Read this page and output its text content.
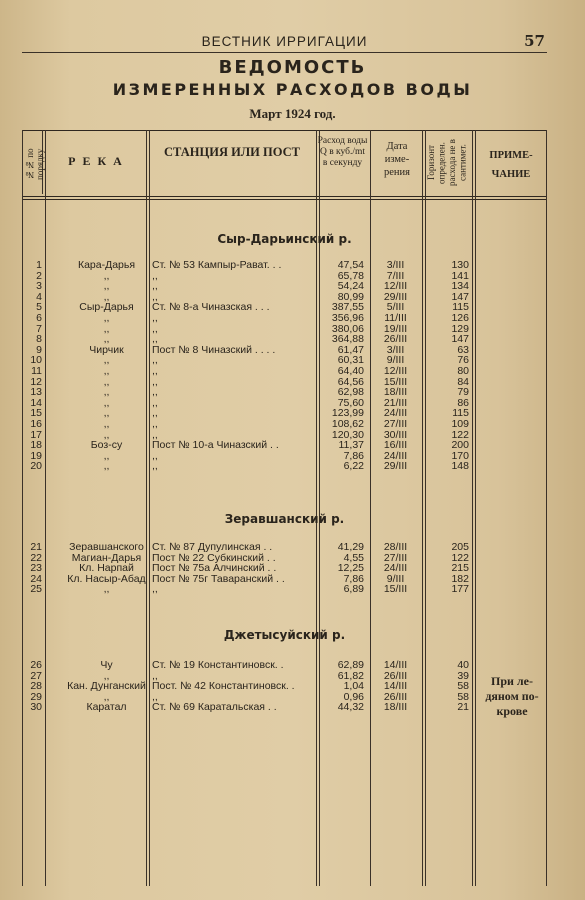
ВЕСТНИК ИРРИГАЦИИ	57
ВЕДОМОСТЬ
ИЗМЕРЕННЫХ РАСХОДОВ ВОДЫ
Март 1924 год.
№№ по порядку	Р Е К А
СТАНЦИЯ ИЛИ ПОСТ
Расход воды Q в куб./mt в секунду
Дата изме- рения	Горизонт определен. расхода не в сантимет.	ПРИМЕ- ЧАНИЕ
Сыр-Дарьинский р.
1	Кара-Дарья	Ст. № 53 Кампыр-Рават. . .	47,54	3/III	130
2	,,	,,	65,78	7/III	141
3	,,	,,	54,24	12/III	134
4	,,	,,	80,99	29/III	147
5	Сыр-Дарья	Ст. № 8-а Чиназская . . .	387,55	5/III	115
6	,,	,,	356,96	11/III	126
7	,,	,,	380,06	19/III	129
8	,,	,,	364,88	26/III	147
9	Чирчик	Пост № 8 Чиназский . . . .	61,47	3/III	63
10	,,	,,	60,31	9/III	76
11	,,	,,	64,40	12/III	80
12	,,	,,	64,56	15/III	84
13	,,	,,	62,98	18/III	79
14	,,	,,	75,60	21/III	86
15	,,	,,	123,99	24/III	115
16	,,	,,	108,62	27/III	109
17	,,	,,	120,30	30/III	122
18	Боз-су	Пост № 10-а Чиназский . .	11,37	16/III	200
19	,,	,,	7,86	24/III	170
20	,,	,,	6,22	29/III	148
Зеравшанский р.
21	Зеравшанского Ст. № 87 Дупулинская . .	41,29	28/III	205
22	Магиан-Дарья	Пост № 22 Субкинский . .	4,55	27/III	122
23	Кл. Нарпай	Пост № 75а Алчинский . .	12,25	24/III	215
24	Кл. Насыр-Абад Пост № 75г Таваранский . .	7,86	9/III	182
25	,,	,,	6,89	15/III	177
Джетысуйский р.
26	Чу	Ст. № 19 Константиновск. .	62,89	14/III	40
27	,,	,,	61,82	26/III	39
28	Кан. Дунганский Пост. № 42 Константиновск. .	1,04	14/III	58
29	,,	,,	0,96	26/III	58
30	Каратал	Ст. № 69 Каратальская . .	44,32	18/III	21
При ле- дяном по- крове
